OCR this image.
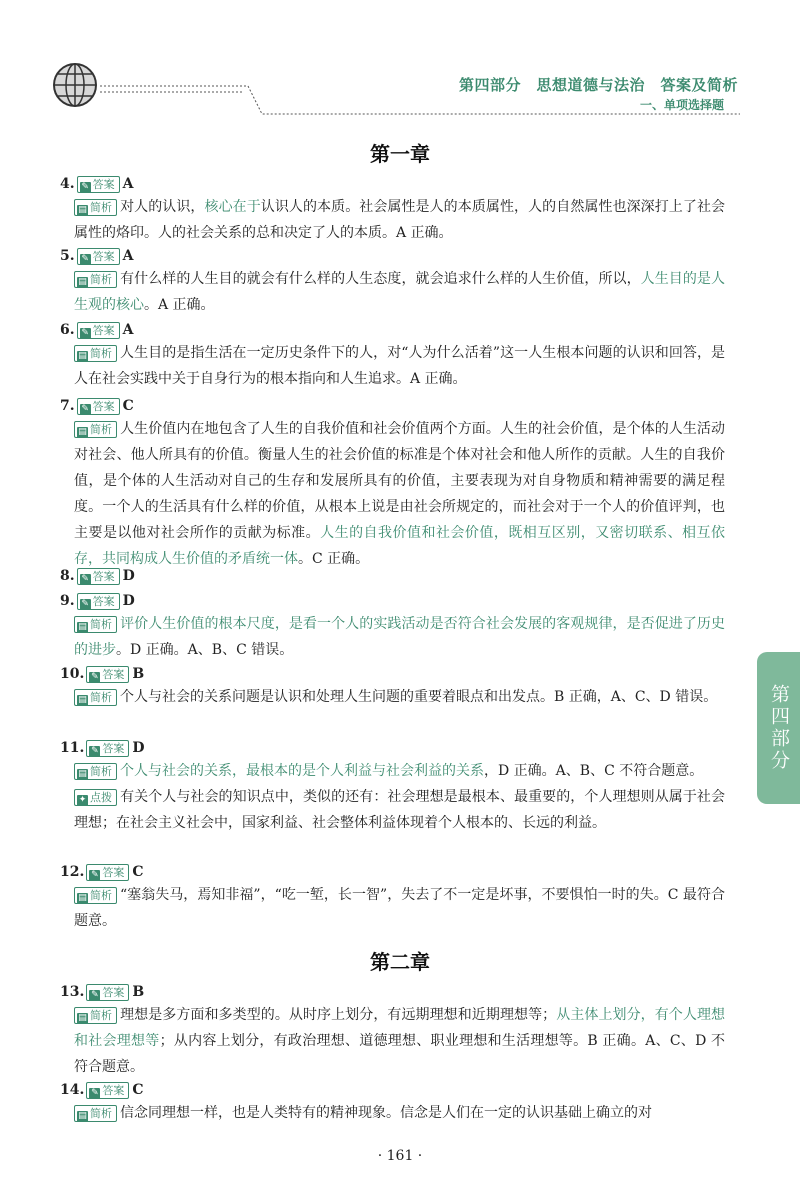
第四部分　思想道德与法治　答案及简析
一、单项选择题
第四部分
第一章
4. ✎ 答案 A
▤ 简析 对人的认识，核心在于认识人的本质。社会属性是人的本质属性，人的自然属性也深深打上了社会属性的烙印。人的社会关系的总和决定了人的本质。A 正确。
5. ✎ 答案 A
▤ 简析 有什么样的人生目的就会有什么样的人生态度，就会追求什么样的人生价值，所以，人生目的是人生观的核心。A 正确。
6. ✎ 答案 A
▤ 简析 人生目的是指生活在一定历史条件下的人，对“人为什么活着”这一人生根本问题的认识和回答，是人在社会实践中关于自身行为的根本指向和人生追求。A 正确。
7. ✎ 答案 C
▤ 简析 人生价值内在地包含了人生的自我价值和社会价值两个方面。人生的社会价值，是个体的人生活动对社会、他人所具有的价值。衡量人生的社会价值的标准是个体对社会和他人所作的贡献。人生的自我价值，是个体的人生活动对自己的生存和发展所具有的价值，主要表现为对自身物质和精神需要的满足程度。一个人的生活具有什么样的价值，从根本上说是由社会所规定的，而社会对于一个人的价值评判，也主要是以他对社会所作的贡献为标准。人生的自我价值和社会价值，既相互区别，又密切联系、相互依存，共同构成人生价值的矛盾统一体。C 正确。
8. ✎ 答案 D
9. ✎ 答案 D
▤ 简析 评价人生价值的根本尺度，是看一个人的实践活动是否符合社会发展的客观规律，是否促进了历史的进步。D 正确。A、B、C 错误。
10. ✎ 答案 B
▤ 简析 个人与社会的关系问题是认识和处理人生问题的重要着眼点和出发点。B 正确，A、C、D 错误。
11. ✎ 答案 D
▤ 简析 个人与社会的关系，最根本的是个人利益与社会利益的关系，D 正确。A、B、C 不符合题意。
✦ 点拨 有关个人与社会的知识点中，类似的还有：社会理想是最根本、最重要的，个人理想则从属于社会理想；在社会主义社会中，国家利益、社会整体利益体现着个人根本的、长远的利益。
12. ✎ 答案 C
▤ 简析 “塞翁失马，焉知非福”，“吃一堑，长一智”，失去了不一定是坏事，不要惧怕一时的失。C 最符合题意。
第二章
13. ✎ 答案 B
▤ 简析 理想是多方面和多类型的。从时序上划分，有远期理想和近期理想等；从主体上划分，有个人理想和社会理想等；从内容上划分，有政治理想、道德理想、职业理想和生活理想等。B 正确。A、C、D 不符合题意。
14. ✎ 答案 C
▤ 简析 信念同理想一样，也是人类特有的精神现象。信念是人们在一定的认识基础上确立的对
· 161 ·
